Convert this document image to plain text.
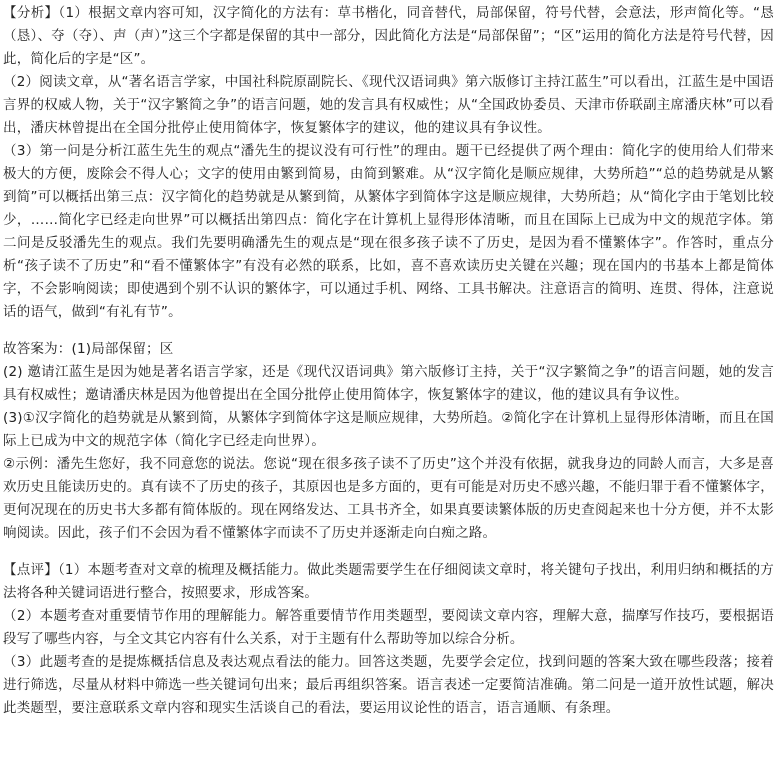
【分析】（1）根据文章内容可知，汉字简化的方法有：草书楷化，同音替代，局部保留，符号代替，会意法，形声简化等。“恳（恳）、夺（夺）、声（声）”这三个字都是保留的其中一部分，因此简化方法是“局部保留”；“区”运用的简化方法是符号代替，因此，简化后的字是“区”。

（2）阅读文章，从“著名语言学家，中国社科院原副院长、《现代汉语词典》第六版修订主持江蓝生”可以看出，江蓝生是中国语言界的权威人物，关于“汉字繁简之争”的语言问题，她的发言具有权威性；从“全国政协委员、天津市侨联副主席潘庆林”可以看出，潘庆林曾提出在全国分批停止使用简体字，恢复繁体字的建议，他的建议具有争议性。

（3）第一问是分析江蓝生先生的观点“潘先生的提议没有可行性”的理由。题干已经提供了两个理由：简化字的使用给人们带来极大的方便，废除会不得人心；文字的使用由繁到简易，由简到繁难。从“汉字简化是顺应规律，大势所趋”“总的趋势就是从繁到简”可以概括出第三点：汉字简化的趋势就是从繁到简，从繁体字到简体字这是顺应规律，大势所趋；从“简化字由于笔划比较少，……简化字已经走向世界”可以概括出第四点：简化字在计算机上显得形体清晰，而且在国际上已成为中文的规范字体。第二问是反驳潘先生的观点。我们先要明确潘先生的观点是“现在很多孩子读不了历史，是因为看不懂繁体字”。作答时，重点分析“孩子读不了历史”和“看不懂繁体字”有没有必然的联系，比如，喜不喜欢读历史关键在兴趣；现在国内的书基本上都是简体字，不会影响阅读；即使遇到个别不认识的繁体字，可以通过手机、网络、工具书解决。注意语言的简明、连贯、得体，注意说话的语气，做到“有礼有节”。

故答案为：(1)局部保留；区

(2) 邀请江蓝生是因为她是著名语言学家，还是《现代汉语词典》第六版修订主持，关于“汉字繁简之争”的语言问题，她的发言具有权威性；邀请潘庆林是因为他曾提出在全国分批停止使用简体字，恢复繁体字的建议，他的建议具有争议性。

(3)①汉字简化的趋势就是从繁到简，从繁体字到简体字这是顺应规律，大势所趋。②简化字在计算机上显得形体清晰，而且在国际上已成为中文的规范字体（简化字已经走向世界）。

②示例：潘先生您好，我不同意您的说法。您说“现在很多孩子读不了历史”这个并没有依据，就我身边的同龄人而言，大多是喜欢历史且能读历史的。真有读不了历史的孩子，其原因也是多方面的，更有可能是对历史不感兴趣，不能归罪于看不懂繁体字，更何况现在的历史书大多都有简体版的。现在网络发达、工具书齐全，如果真要读繁体版的历史查阅起来也十分方便，并不太影响阅读。因此，孩子们不会因为看不懂繁体字而读不了历史并逐渐走向白痴之路。

【点评】（1）本题考查对文章的梳理及概括能力。做此类题需要学生在仔细阅读文章时，将关键句子找出，利用归纳和概括的方法将各种关键词语进行整合，按照要求，形成答案。

（2）本题考查对重要情节作用的理解能力。解答重要情节作用类题型，要阅读文章内容，理解大意，揣摩写作技巧，要根据语段写了哪些内容，与全文其它内容有什么关系，对于主题有什么帮助等加以综合分析。

（3）此题考查的是提炼概括信息及表达观点看法的能力。回答这类题，先要学会定位，找到问题的答案大致在哪些段落；接着进行筛选，尽量从材料中筛选一些关键词句出来；最后再组织答案。语言表述一定要简洁准确。第二问是一道开放性试题，解决此类题型，要注意联系文章内容和现实生活谈自己的看法，要运用议论性的语言，语言通顺、有条理。
